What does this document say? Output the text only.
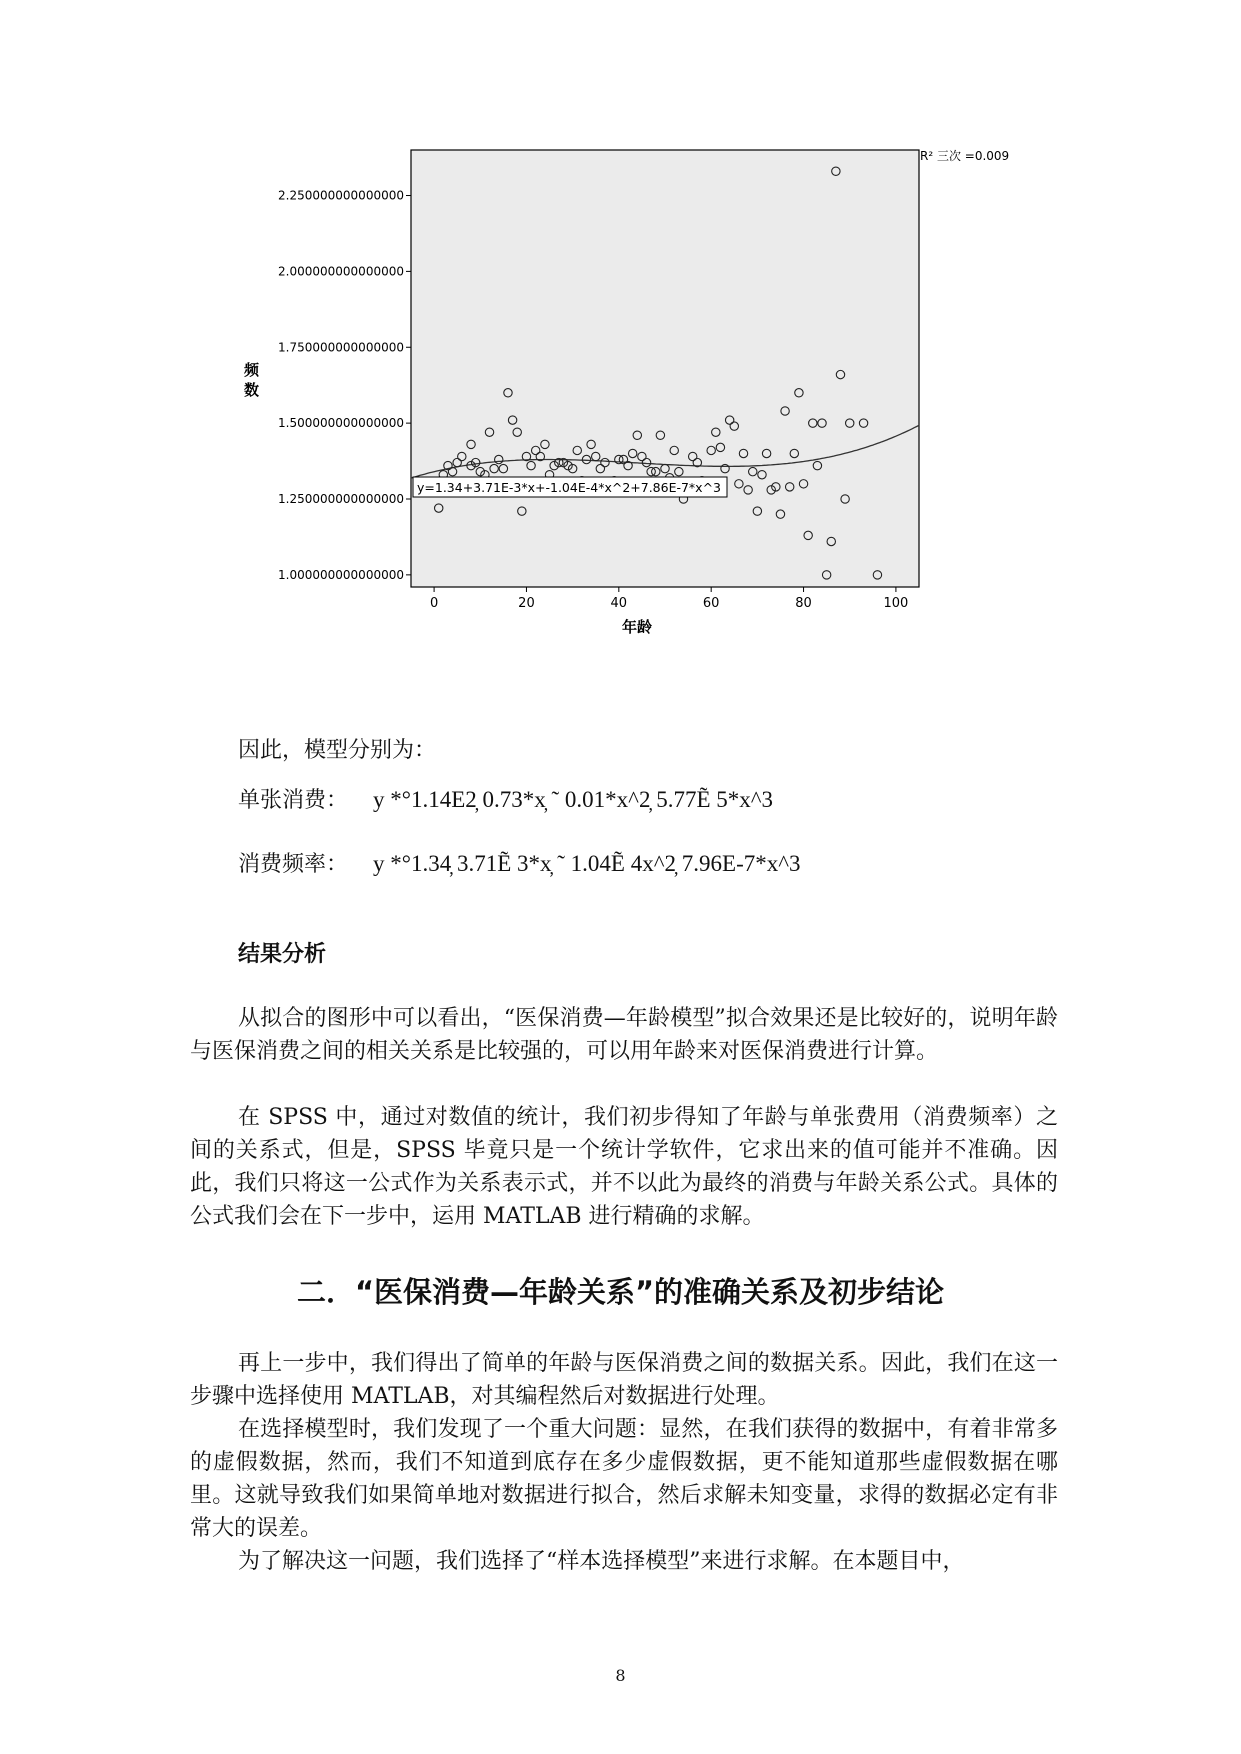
1.000000000000000
1.250000000000000
1.500000000000000
1.750000000000000
2.000000000000000
2.250000000000000
0	20	40	60	80	100
y=1.34+3.71E-3*x+-1.04E-4*x^2+7.86E-7*x^3
R² 三次 =0.009
频数
年龄
因此，模型分别为：
单张消费： y *°1.14E2̦ 0.73*x̦ ˜ 0.01*x^2̦ 5.77Ẽ 5*x^3
消费频率： y *°1.34̦ 3.71Ẽ 3*x̦ ˜ 1.04Ẽ 4x^2̦ 7.96E-7*x^3
结果分析

从拟合的图形中可以看出，“医保消费—年龄模型”拟合效果还是比较好的，说明年龄与医保消费之间的相关关系是比较强的，可以用年龄来对医保消费进行计算。

在 SPSS 中，通过对数值的统计，我们初步得知了年龄与单张费用（消费频率）之间的关系式，但是，SPSS 毕竟只是一个统计学软件，它求出来的值可能并不准确。因此，我们只将这一公式作为关系表示式，并不以此为最终的消费与年龄关系公式。具体的公式我们会在下一步中，运用 MATLAB 进行精确的求解。

二．“医保消费—年龄关系”的准确关系及初步结论

再上一步中，我们得出了简单的年龄与医保消费之间的数据关系。因此，我们在这一步骤中选择使用 MATLAB，对其编程然后对数据进行处理。

在选择模型时，我们发现了一个重大问题：显然，在我们获得的数据中，有着非常多的虚假数据，然而，我们不知道到底存在多少虚假数据，更不能知道那些虚假数据在哪里。这就导致我们如果简单地对数据进行拟合，然后求解未知变量，求得的数据必定有非常大的误差。

为了解决这一问题，我们选择了“样本选择模型”来进行求解。在本题目中，

8
